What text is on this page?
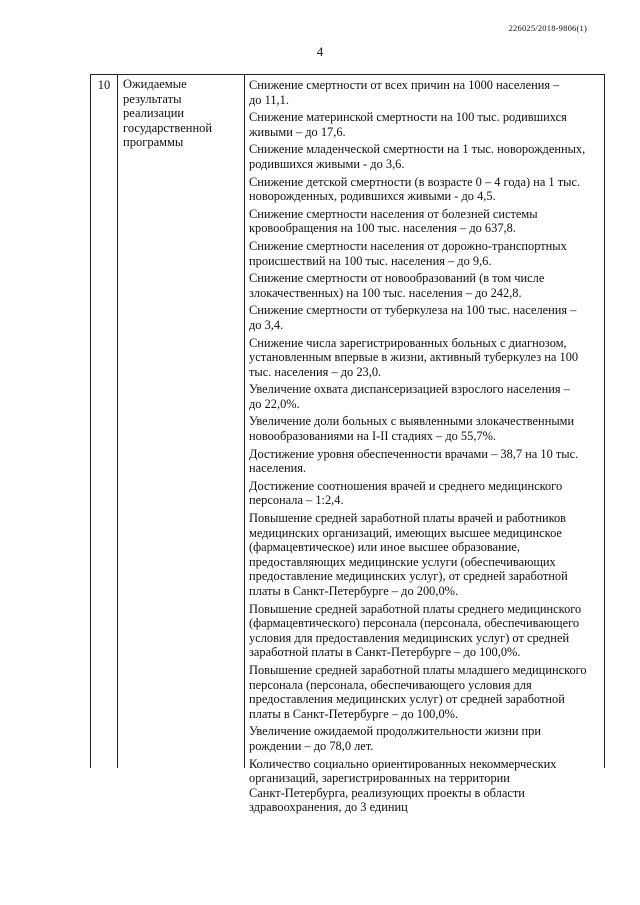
226025/2018-9806(1)
4
10	Ожидаемые
результаты
реализации
государственной
программы
Снижение смертности от всех причин на 1000 населения –
до 11,1.
Снижение материнской смертности на 100 тыс. родившихся
живыми – до 17,6.
Снижение младенческой смертности на 1 тыс. новорожденных,
родившихся живыми - до 3,6.
Снижение детской смертности (в возрасте 0 – 4 года) на 1 тыс.
новорожденных, родившихся живыми - до 4,5.
Снижение смертности населения от болезней системы
кровообращения на 100 тыс. населения – до 637,8.
Снижение смертности населения от дорожно-транспортных
происшествий на 100 тыс. населения – до 9,6.
Снижение смертности от новообразований (в том числе
злокачественных) на 100 тыс. населения – до 242,8.
Снижение смертности от туберкулеза на 100 тыс. населения –
до 3,4.
Снижение числа зарегистрированных больных с диагнозом,
установленным впервые в жизни, активный туберкулез на 100
тыс. населения – до 23,0.
Увеличение охвата диспансеризацией взрослого населения –
до 22,0%.
Увеличение доли больных с выявленными злокачественными
новообразованиями на I-II стадиях – до 55,7%.
Достижение уровня обеспеченности врачами – 38,7 на 10 тыс.
населения.
Достижение соотношения врачей и среднего медицинского
персонала – 1:2,4.
Повышение средней заработной платы врачей и работников
медицинских организаций, имеющих высшее медицинское
(фармацевтическое) или иное высшее образование,
предоставляющих медицинские услуги (обеспечивающих
предоставление медицинских услуг), от средней заработной
платы в Санкт-Петербурге – до 200,0%.
Повышение средней заработной платы среднего медицинского
(фармацевтического) персонала (персонала, обеспечивающего
условия для предоставления медицинских услуг) от средней
заработной платы в Санкт-Петербурге – до 100,0%.
Повышение средней заработной платы младшего медицинского
персонала (персонала, обеспечивающего условия для
предоставления медицинских услуг) от средней заработной
платы в Санкт-Петербурге – до 100,0%.
Увеличение ожидаемой продолжительности жизни при
рождении – до 78,0 лет.
Количество социально ориентированных некоммерческих
организаций, зарегистрированных на территории
Санкт-Петербурга, реализующих проекты в области
здравоохранения, до 3 единиц
